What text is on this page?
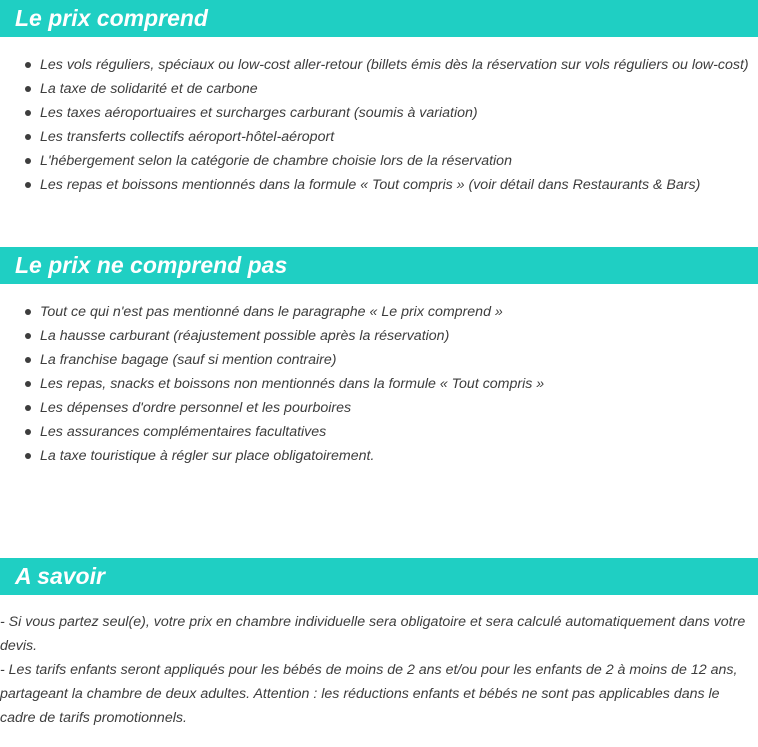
Le prix comprend
Les vols réguliers, spéciaux ou low-cost aller-retour (billets émis dès la réservation sur vols réguliers ou low-cost)
La taxe de solidarité et de carbone
Les taxes aéroportuaires et surcharges carburant (soumis à variation)
Les transferts collectifs aéroport-hôtel-aéroport
L'hébergement selon la catégorie de chambre choisie lors de la réservation
Les repas et boissons mentionnés dans la formule « Tout compris » (voir détail dans Restaurants & Bars)
Le prix ne comprend pas
Tout ce qui n'est pas mentionné dans le paragraphe « Le prix comprend »
La hausse carburant (réajustement possible après la réservation)
La franchise bagage (sauf si mention contraire)
Les repas, snacks et boissons non mentionnés dans la formule « Tout compris »
Les dépenses d'ordre personnel et les pourboires
Les assurances complémentaires facultatives
La taxe touristique à régler sur place obligatoirement.
A savoir

- Si vous partez seul(e), votre prix en chambre individuelle sera obligatoire et sera calculé automatiquement dans votre devis.

- Les tarifs enfants seront appliqués pour les bébés de moins de 2 ans et/ou pour les enfants de 2 à moins de 12 ans, partageant la chambre de deux adultes. Attention : les réductions enfants et bébés ne sont pas applicables dans le cadre de tarifs promotionnels.
